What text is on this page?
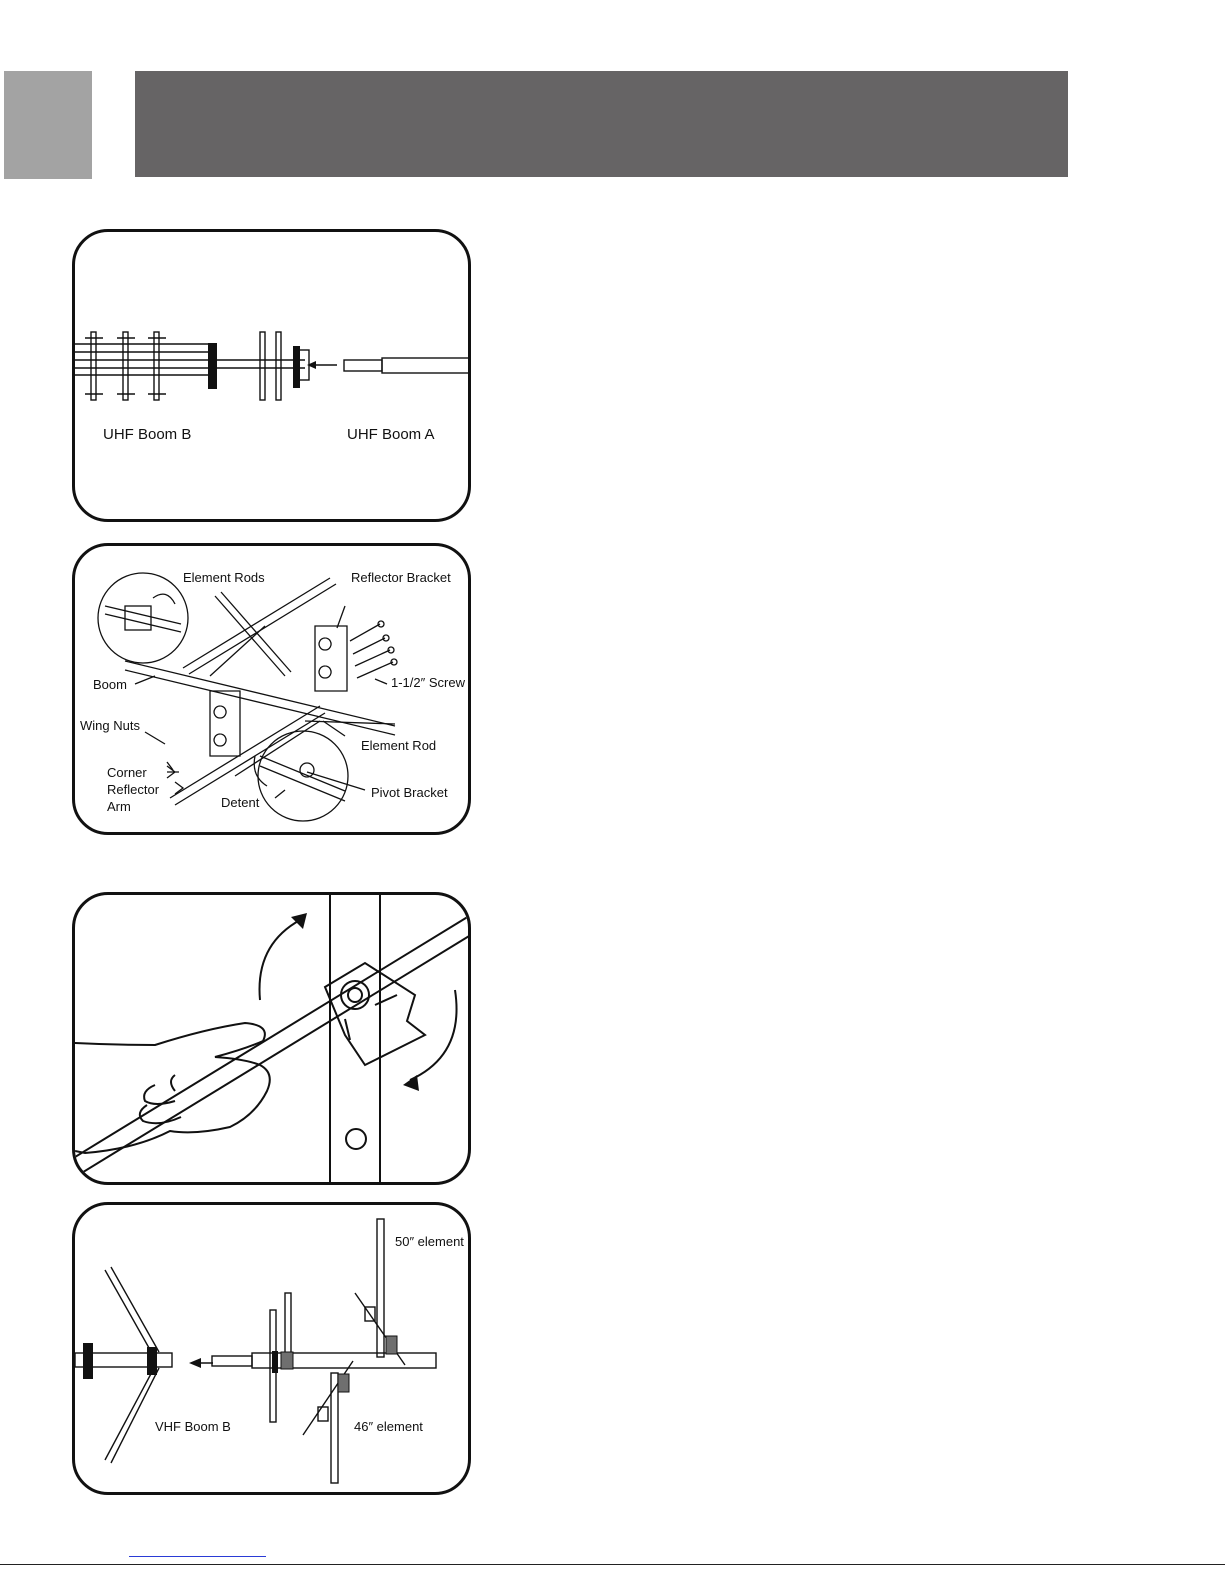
UHF Boom B	UHF Boom A
Element Rods	Reflector Bracket
Boom	1-1/2″ Screw
Wing Nuts
Element Rod
Corner
Reflector
Arm	Detent
Pivot Bracket
50″ element
46″ element
VHF Boom B
